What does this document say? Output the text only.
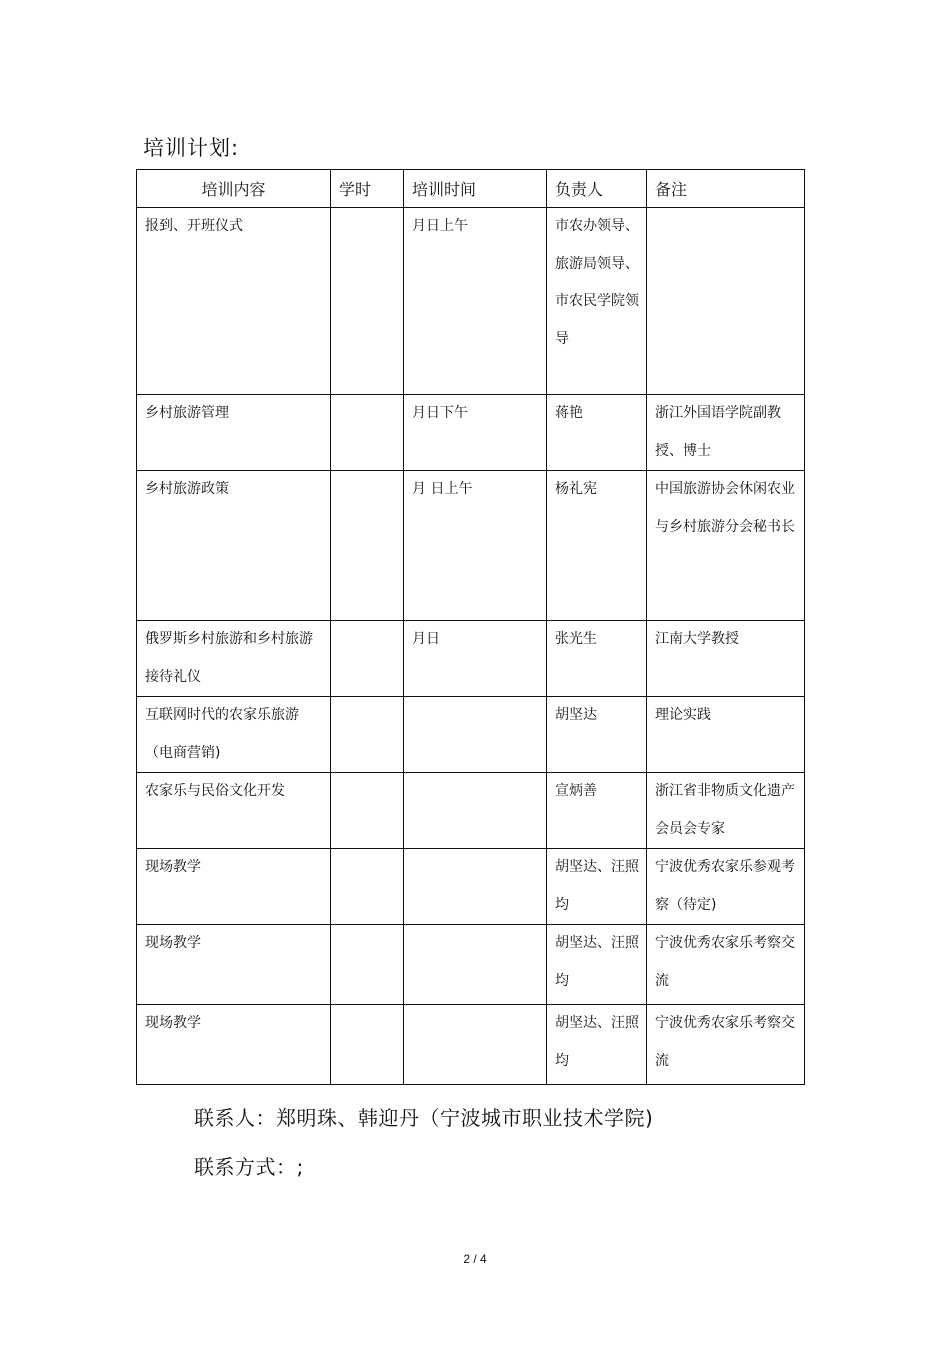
培训计划:
培训内容	学时	培训时间	负责人	备注

报到、开班仪式		月日上午	市农办领导、旅游局领导、市农民学院领导	

乡村旅游管理		月日下午	蒋艳	浙江外国语学院副教授、博士

乡村旅游政策		月 日上午	杨礼宪	中国旅游协会休闲农业与乡村旅游分会秘书长

俄罗斯乡村旅游和乡村旅游接待礼仪		月日	张光生	江南大学教授

互联网时代的农家乐旅游（电商营销)			胡坚达	理论实践

农家乐与民俗文化开发			宣炳善	浙江省非物质文化遗产会员会专家

现场教学			胡坚达、汪照均	宁波优秀农家乐参观考察（待定)

现场教学			胡坚达、汪照均	宁波优秀农家乐考察交流

现场教学			胡坚达、汪照均	宁波优秀农家乐考察交流
联系人：郑明珠、韩迎丹（宁波城市职业技术学院)
联系方式：;
2 / 4
